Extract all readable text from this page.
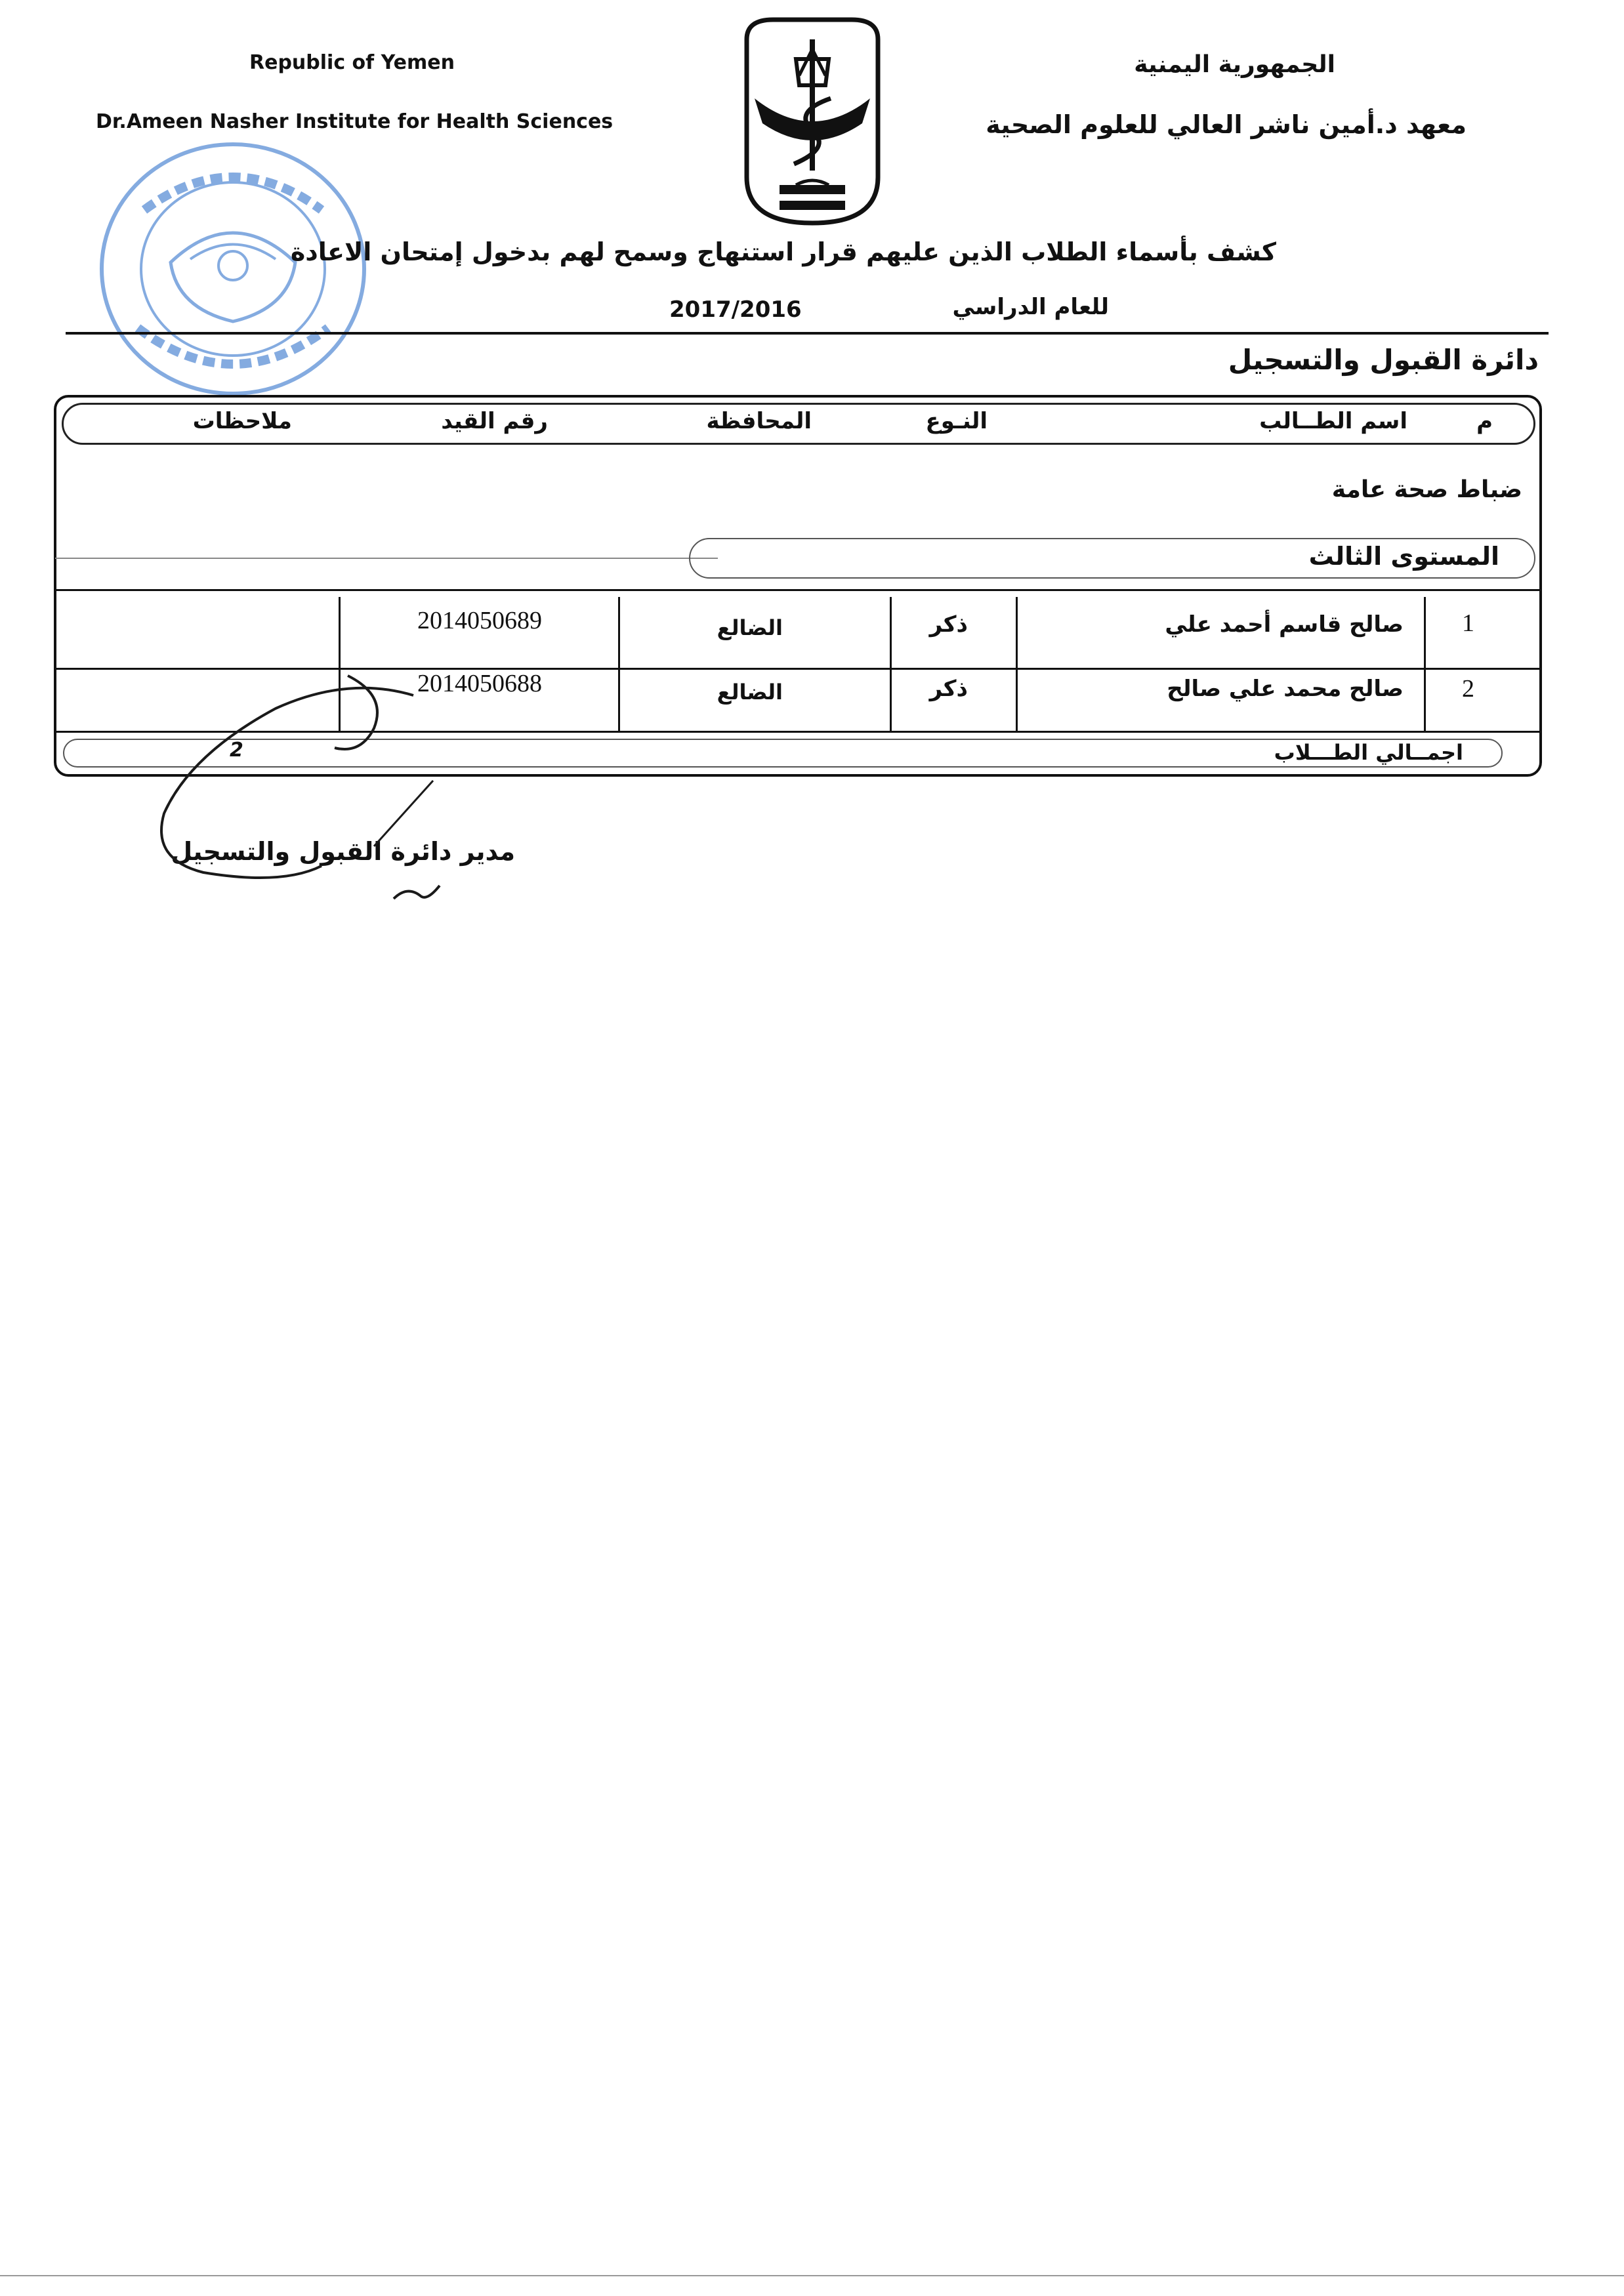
Republic of Yemen
Dr.Ameen Nasher Institute for Health Sciences
الجمهورية اليمنية
معهد د.أمين ناشر العالي للعلوم الصحية
كشف بأسماء الطلاب الذين عليهم قرار استنهاج وسمح لهم بدخول إمتحان الاعادة
للعام الدراسي
2017/2016
دائرة القبول والتسجيل
م
اسم الطــالب
النـوع
المحافظة
رقم القيد
ملاحظات
ضباط صحة عامة
المستوى الثالث
1
صالح قاسم أحمد علي
ذكر
الضالع
2014050689
2
صالح محمد علي صالح
ذكر
الضالع
2014050688
اجمــالي الطـــلاب
2
مدير دائرة القبول والتسجيل
